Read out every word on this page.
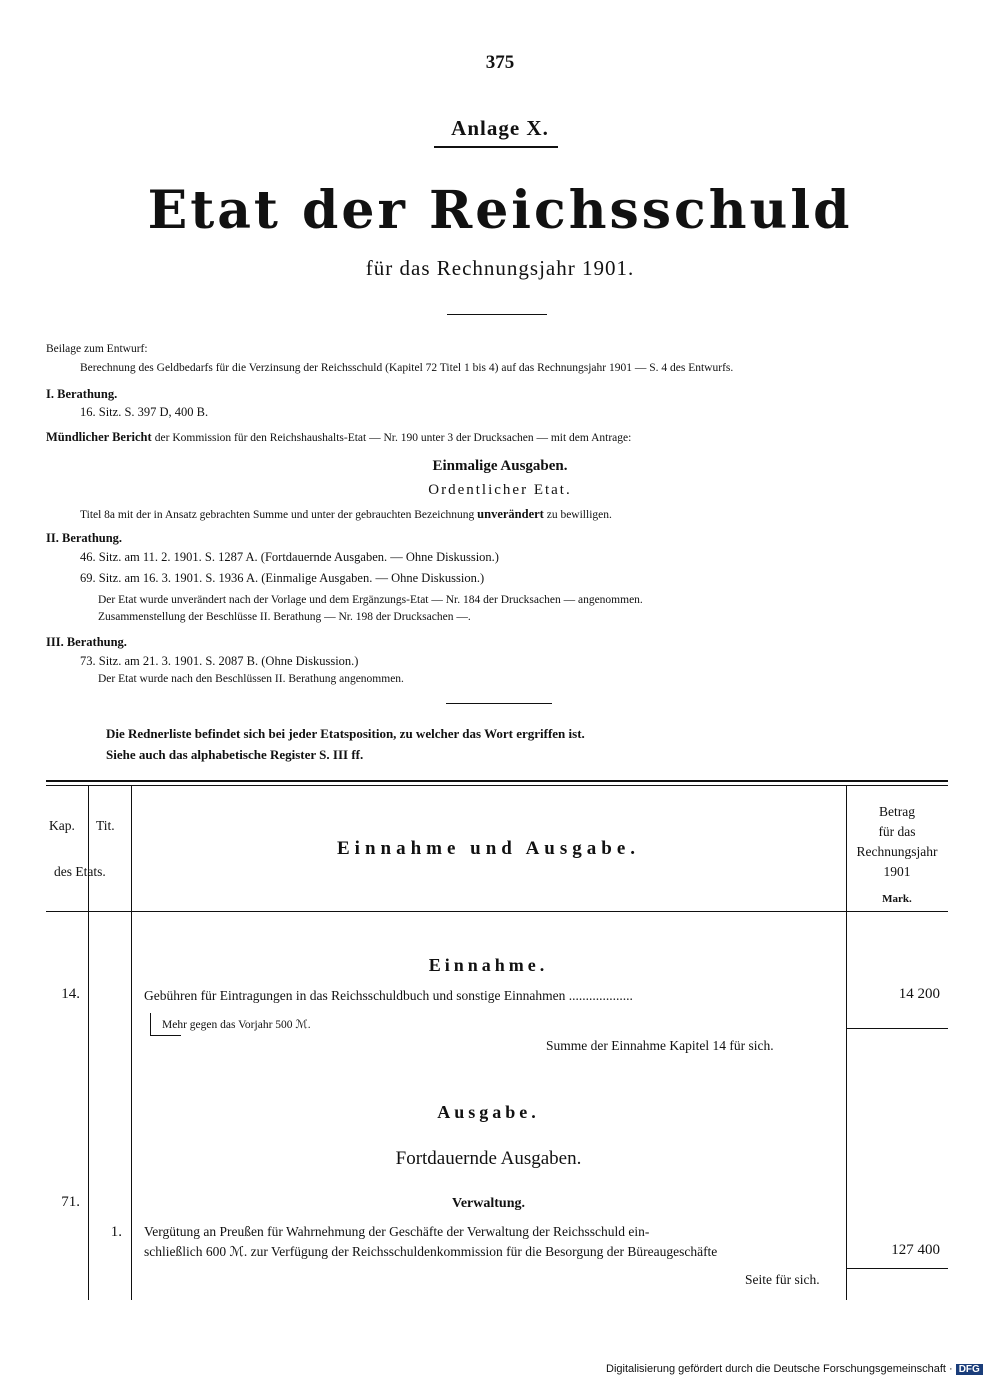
375
Anlage X.
Etat der Reichsschuld
für das Rechnungsjahr 1901.
Beilage zum Entwurf:
Berechnung des Geldbedarfs für die Verzinsung der Reichsschuld (Kapitel 72 Titel 1 bis 4) auf das Rechnungsjahr 1901 — S. 4 des Entwurfs.
I. Berathung.
16. Sitz. S. 397 D, 400 B.
Mündlicher Bericht der Kommission für den Reichshaushalts-Etat — Nr. 190 unter 3 der Drucksachen — mit dem Antrage:
Einmalige Ausgaben.
Ordentlicher Etat.
Titel 8a mit der in Ansatz gebrachten Summe und unter der gebrauchten Bezeichnung unverändert zu bewilligen.
II. Berathung.
46. Sitz. am 11. 2. 1901. S. 1287 A. (Fortdauernde Ausgaben. — Ohne Diskussion.)
69. Sitz. am 16. 3. 1901. S. 1936 A. (Einmalige Ausgaben. — Ohne Diskussion.)
Der Etat wurde unverändert nach der Vorlage und dem Ergänzungs-Etat — Nr. 184 der Drucksachen — angenommen.
Zusammenstellung der Beschlüsse II. Berathung — Nr. 198 der Drucksachen —.
III. Berathung.
73. Sitz. am 21. 3. 1901. S. 2087 B. (Ohne Diskussion.)
Der Etat wurde nach den Beschlüssen II. Berathung angenommen.
Die Rednerliste befindet sich bei jeder Etatsposition, zu welcher das Wort ergriffen ist.
Siehe auch das alphabetische Register S. III ff.
Kap. Tit.
des Etats.
Einnahme und Ausgabe.
Betrag
für das
Rechnungsjahr
1901
Mark.
Einnahme.
14.	Gebühren für Eintragungen in das Reichsschuldbuch und sonstige Einnahmen ...................	14 200
Mehr gegen das Vorjahr 500 ℳ.
Summe der Einnahme Kapitel 14 für sich.
Ausgabe.
Fortdauernde Ausgaben.
71.	Verwaltung.
1. Vergütung an Preußen für Wahrnehmung der Geschäfte der Verwaltung der Reichsschuld ein-
schließlich 600 ℳ. zur Verfügung der Reichsschuldenkommission für die Besorgung der Büreaugeschäfte	127 400
Seite für sich.
Digitalisierung gefördert durch die Deutsche Forschungsgemeinschaft · DFG
